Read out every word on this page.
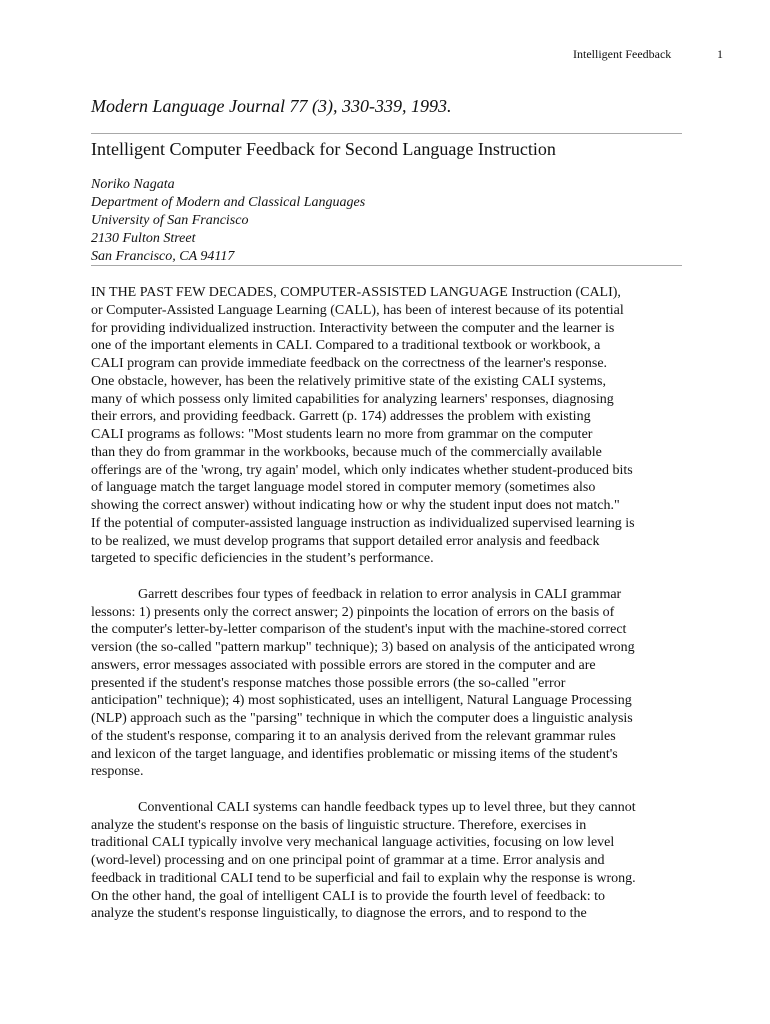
Intelligent Feedback	1
Modern Language Journal 77 (3), 330-339, 1993.
Intelligent Computer Feedback for Second Language Instruction
Noriko Nagata
Department of Modern and Classical Languages
University of San Francisco
2130 Fulton Street
San Francisco, CA 94117

IN THE PAST FEW DECADES, COMPUTER-ASSISTED LANGUAGE Instruction (CALI),
or Computer-Assisted Language Learning (CALL), has been of interest because of its potential
for providing individualized instruction. Interactivity between the computer and the learner is
one of the important elements in CALI. Compared to a traditional textbook or workbook, a
CALI program can provide immediate feedback on the correctness of the learner's response.
One obstacle, however, has been the relatively primitive state of the existing CALI systems,
many of which possess only limited capabilities for analyzing learners' responses, diagnosing
their errors, and providing feedback. Garrett (p. 174) addresses the problem with existing
CALI programs as follows: "Most students learn no more from grammar on the computer
than they do from grammar in the workbooks, because much of the commercially available
offerings are of the 'wrong, try again' model, which only indicates whether student-produced bits
of language match the target language model stored in computer memory (sometimes also
showing the correct answer) without indicating how or why the student input does not match."
If the potential of computer-assisted language instruction as individualized supervised learning is
to be realized, we must develop programs that support detailed error analysis and feedback
targeted to specific deficiencies in the student’s performance.

Garrett describes four types of feedback in relation to error analysis in CALI grammar
lessons: 1) presents only the correct answer; 2) pinpoints the location of errors on the basis of
the computer's letter-by-letter comparison of the student's input with the machine-stored correct
version (the so-called "pattern markup" technique); 3) based on analysis of the anticipated wrong
answers, error messages associated with possible errors are stored in the computer and are
presented if the student's response matches those possible errors (the so-called "error
anticipation" technique); 4) most sophisticated, uses an intelligent, Natural Language Processing
(NLP) approach such as the "parsing" technique in which the computer does a linguistic analysis
of the student's response, comparing it to an analysis derived from the relevant grammar rules
and lexicon of the target language, and identifies problematic or missing items of the student's
response.

Conventional CALI systems can handle feedback types up to level three, but they cannot
analyze the student's response on the basis of linguistic structure. Therefore, exercises in
traditional CALI typically involve very mechanical language activities, focusing on low level
(word-level) processing and on one principal point of grammar at a time. Error analysis and
feedback in traditional CALI tend to be superficial and fail to explain why the response is wrong.
On the other hand, the goal of intelligent CALI is to provide the fourth level of feedback: to
analyze the student's response linguistically, to diagnose the errors, and to respond to the
